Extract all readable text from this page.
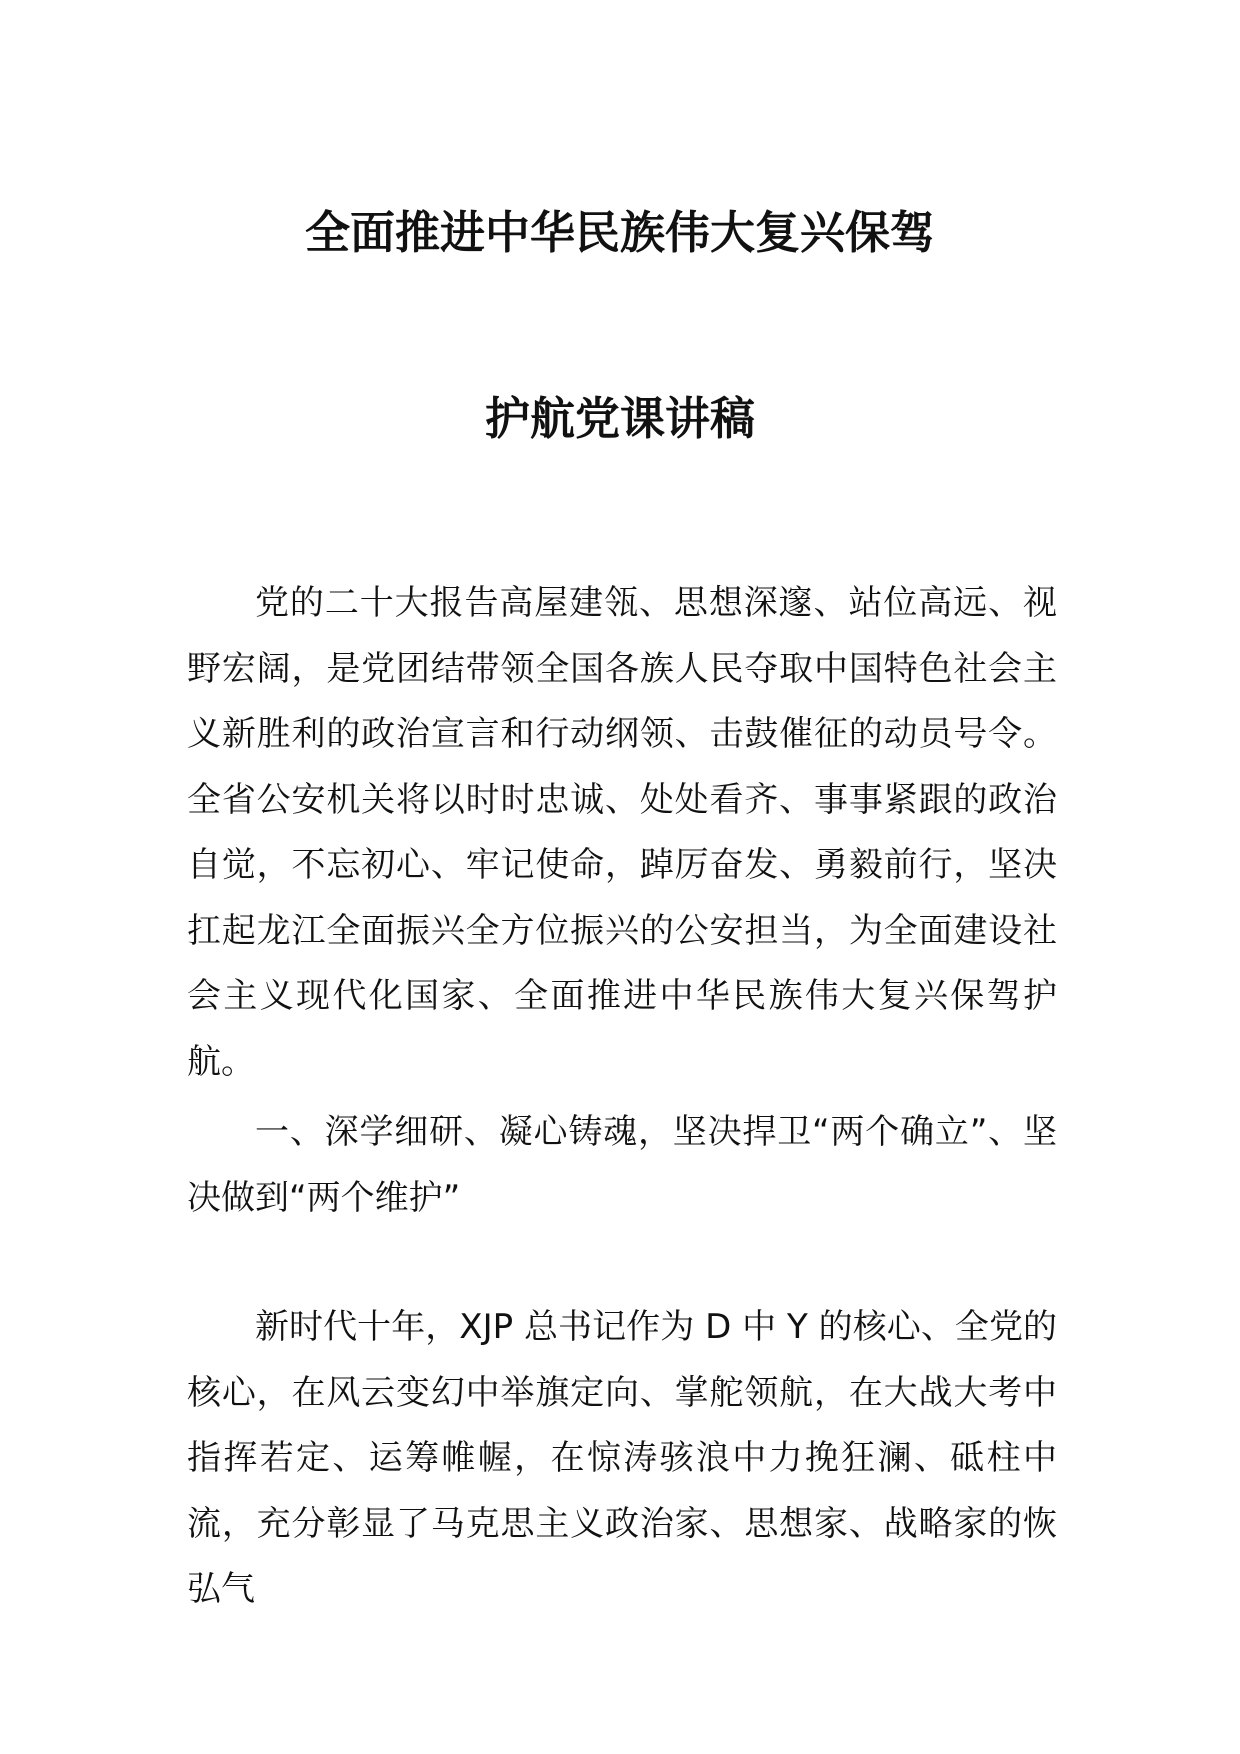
全面推进中华民族伟大复兴保驾
护航党课讲稿

党的二十大报告高屋建瓴、思想深邃、站位高远、视野宏阔，是党团结带领全国各族人民夺取中国特色社会主义新胜利的政治宣言和行动纲领、击鼓催征的动员号令。全省公安机关将以时时忠诚、处处看齐、事事紧跟的政治自觉，不忘初心、牢记使命，踔厉奋发、勇毅前行，坚决扛起龙江全面振兴全方位振兴的公安担当，为全面建设社会主义现代化国家、全面推进中华民族伟大复兴保驾护航。

一、深学细研、凝心铸魂，坚决捍卫“两个确立”、坚决做到“两个维护”

新时代十年，XJP 总书记作为 D 中 Y 的核心、全党的核心，在风云变幻中举旗定向、掌舵领航，在大战大考中指挥若定、运筹帷幄，在惊涛骇浪中力挽狂澜、砥柱中流，充分彰显了马克思主义政治家、思想家、战略家的恢弘气
